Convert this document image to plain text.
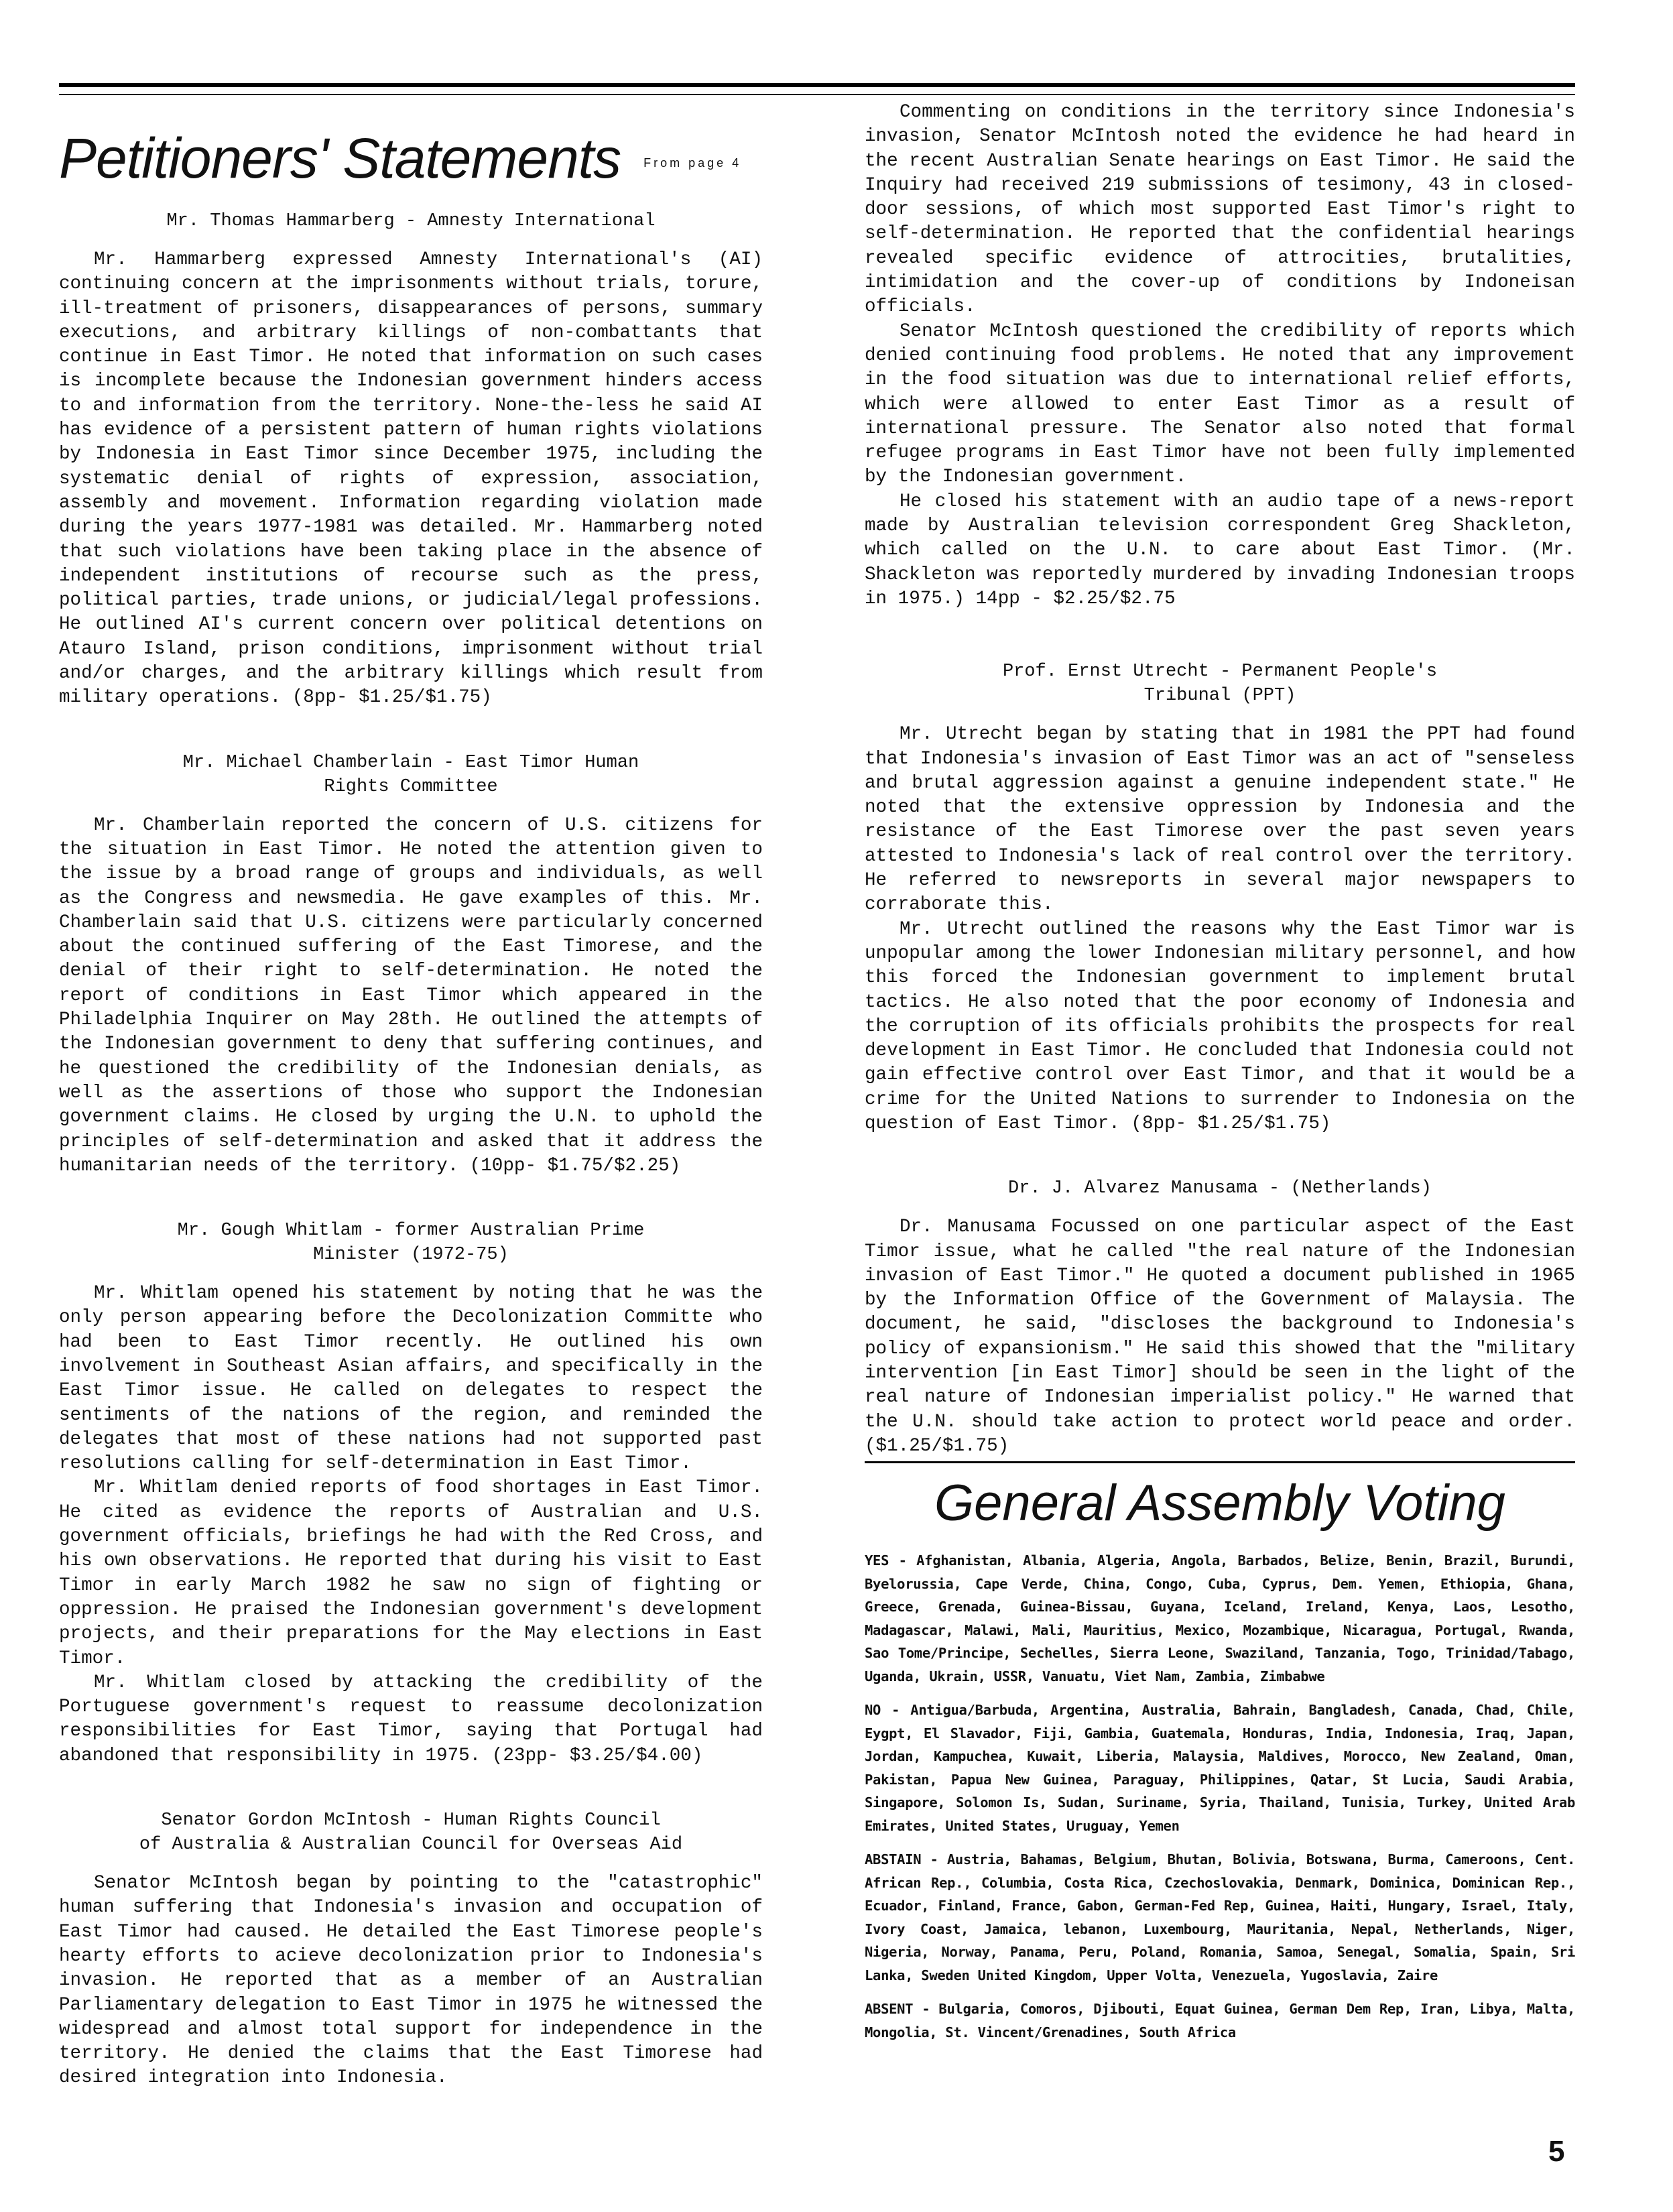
Petitioners' Statements From page 4
Mr. Thomas Hammarberg - Amnesty International

Mr. Hammarberg expressed Amnesty International's (AI) continuing concern at the imprisonments without trials, torure, ill-treatment of prisoners, disappearances of persons, summary executions, and arbitrary killings of non-combattants that continue in East Timor. He noted that information on such cases is incomplete because the Indonesian government hinders access to and information from the territory. None-the-less he said AI has evidence of a persistent pattern of human rights violations by Indonesia in East Timor since December 1975, including the systematic denial of rights of expression, association, assembly and movement. Information regarding violation made during the years 1977-1981 was detailed. Mr. Hammarberg noted that such violations have been taking place in the absence of independent institutions of recourse such as the press, political parties, trade unions, or judicial/legal professions. He outlined AI's current concern over political detentions on Atauro Island, prison conditions, imprisonment without trial and/or charges, and the arbitrary killings which result from military operations. (8pp- $1.25/$1.75)

Mr. Michael Chamberlain - East Timor Human
Rights Committee

Mr. Chamberlain reported the concern of U.S. citizens for the situation in East Timor. He noted the attention given to the issue by a broad range of groups and individuals, as well as the Congress and newsmedia. He gave examples of this. Mr. Chamberlain said that U.S. citizens were particularly concerned about the continued suffering of the East Timorese, and the denial of their right to self-determination. He noted the report of conditions in East Timor which appeared in the Philadelphia Inquirer on May 28th. He outlined the attempts of the Indonesian government to deny that suffering continues, and he questioned the credibility of the Indonesian denials, as well as the assertions of those who support the Indonesian government claims. He closed by urging the U.N. to uphold the principles of self-determination and asked that it address the humanitarian needs of the territory. (10pp- $1.75/$2.25)

Mr. Gough Whitlam - former Australian Prime
Minister (1972-75)

Mr. Whitlam opened his statement by noting that he was the only person appearing before the Decolonization Committe who had been to East Timor recently. He outlined his own involvement in Southeast Asian affairs, and specifically in the East Timor issue. He called on delegates to respect the sentiments of the nations of the region, and reminded the delegates that most of these nations had not supported past resolutions calling for self-determination in East Timor.

Mr. Whitlam denied reports of food shortages in East Timor. He cited as evidence the reports of Australian and U.S. government officials, briefings he had with the Red Cross, and his own observations. He reported that during his visit to East Timor in early March 1982 he saw no sign of fighting or oppression. He praised the Indonesian government's development projects, and their preparations for the May elections in East Timor.

Mr. Whitlam closed by attacking the credibility of the Portuguese government's request to reassume decolonization responsibilities for East Timor, saying that Portugal had abandoned that responsibility in 1975. (23pp- $3.25/$4.00)

Senator Gordon McIntosh - Human Rights Council
of Australia & Australian Council for Overseas Aid

Senator McIntosh began by pointing to the "catastrophic" human suffering that Indonesia's invasion and occupation of East Timor had caused. He detailed the East Timorese people's hearty efforts to acieve decolonization prior to Indonesia's invasion. He reported that as a member of an Australian Parliamentary delegation to East Timor in 1975 he witnessed the widespread and almost total support for independence in the territory. He denied the claims that the East Timorese had desired integration into Indonesia.

Commenting on conditions in the territory since Indonesia's invasion, Senator McIntosh noted the evidence he had heard in the recent Australian Senate hearings on East Timor. He said the Inquiry had received 219 submissions of tesimony, 43 in closed-door sessions, of which most supported East Timor's right to self-determination. He reported that the confidential hearings revealed specific evidence of attrocities, brutalities, intimidation and the cover-up of conditions by Indoneisan officials.

Senator McIntosh questioned the credibility of reports which denied continuing food problems. He noted that any improvement in the food situation was due to international relief efforts, which were allowed to enter East Timor as a result of international pressure. The Senator also noted that formal refugee programs in East Timor have not been fully implemented by the Indonesian government.

He closed his statement with an audio tape of a news-report made by Australian television correspondent Greg Shackleton, which called on the U.N. to care about East Timor. (Mr. Shackleton was reportedly murdered by invading Indonesian troops in 1975.) 14pp - $2.25/$2.75

Prof. Ernst Utrecht - Permanent People's
Tribunal (PPT)

Mr. Utrecht began by stating that in 1981 the PPT had found that Indonesia's invasion of East Timor was an act of "senseless and brutal aggression against a genuine independent state." He noted that the extensive oppression by Indonesia and the resistance of the East Timorese over the past seven years attested to Indonesia's lack of real control over the territory. He referred to newsreports in several major newspapers to corraborate this.

Mr. Utrecht outlined the reasons why the East Timor war is unpopular among the lower Indonesian military personnel, and how this forced the Indonesian government to implement brutal tactics. He also noted that the poor economy of Indonesia and the corruption of its officials prohibits the prospects for real development in East Timor. He concluded that Indonesia could not gain effective control over East Timor, and that it would be a crime for the United Nations to surrender to Indonesia on the question of East Timor. (8pp- $1.25/$1.75)

Dr. J. Alvarez Manusama - (Netherlands)

Dr. Manusama Focussed on one particular aspect of the East Timor issue, what he called "the real nature of the Indonesian invasion of East Timor." He quoted a document published in 1965 by the Information Office of the Government of Malaysia. The document, he said, "discloses the background to Indonesia's policy of expansionism." He said this showed that the "military intervention [in East Timor] should be seen in the light of the real nature of Indonesian imperialist policy." He warned that the U.N. should take action to protect world peace and order. ($1.25/$1.75)

General Assembly Voting

YES - Afghanistan, Albania, Algeria, Angola, Barbados, Belize, Benin, Brazil, Burundi, Byelorussia, Cape Verde, China, Congo, Cuba, Cyprus, Dem. Yemen, Ethiopia, Ghana, Greece, Grenada, Guinea-Bissau, Guyana, Iceland, Ireland, Kenya, Laos, Lesotho, Madagascar, Malawi, Mali, Mauritius, Mexico, Mozambique, Nicaragua, Portugal, Rwanda, Sao Tome/Principe, Sechelles, Sierra Leone, Swaziland, Tanzania, Togo, Trinidad/Tabago, Uganda, Ukrain, USSR, Vanuatu, Viet Nam, Zambia, Zimbabwe

NO - Antigua/Barbuda, Argentina, Australia, Bahrain, Bangladesh, Canada, Chad, Chile, Eygpt, El Slavador, Fiji, Gambia, Guatemala, Honduras, India, Indonesia, Iraq, Japan, Jordan, Kampuchea, Kuwait, Liberia, Malaysia, Maldives, Morocco, New Zealand, Oman, Pakistan, Papua New Guinea, Paraguay, Philippines, Qatar, St Lucia, Saudi Arabia, Singapore, Solomon Is, Sudan, Suriname, Syria, Thailand, Tunisia, Turkey, United Arab Emirates, United States, Uruguay, Yemen

ABSTAIN - Austria, Bahamas, Belgium, Bhutan, Bolivia, Botswana, Burma, Cameroons, Cent. African Rep., Columbia, Costa Rica, Czechoslovakia, Denmark, Dominica, Dominican Rep., Ecuador, Finland, France, Gabon, German-Fed Rep, Guinea, Haiti, Hungary, Israel, Italy, Ivory Coast, Jamaica, lebanon, Luxembourg, Mauritania, Nepal, Netherlands, Niger, Nigeria, Norway, Panama, Peru, Poland, Romania, Samoa, Senegal, Somalia, Spain, Sri Lanka, Sweden United Kingdom, Upper Volta, Venezuela, Yugoslavia, Zaire

ABSENT - Bulgaria, Comoros, Djibouti, Equat Guinea, German Dem Rep, Iran, Libya, Malta, Mongolia, St. Vincent/Grenadines, South Africa

5
